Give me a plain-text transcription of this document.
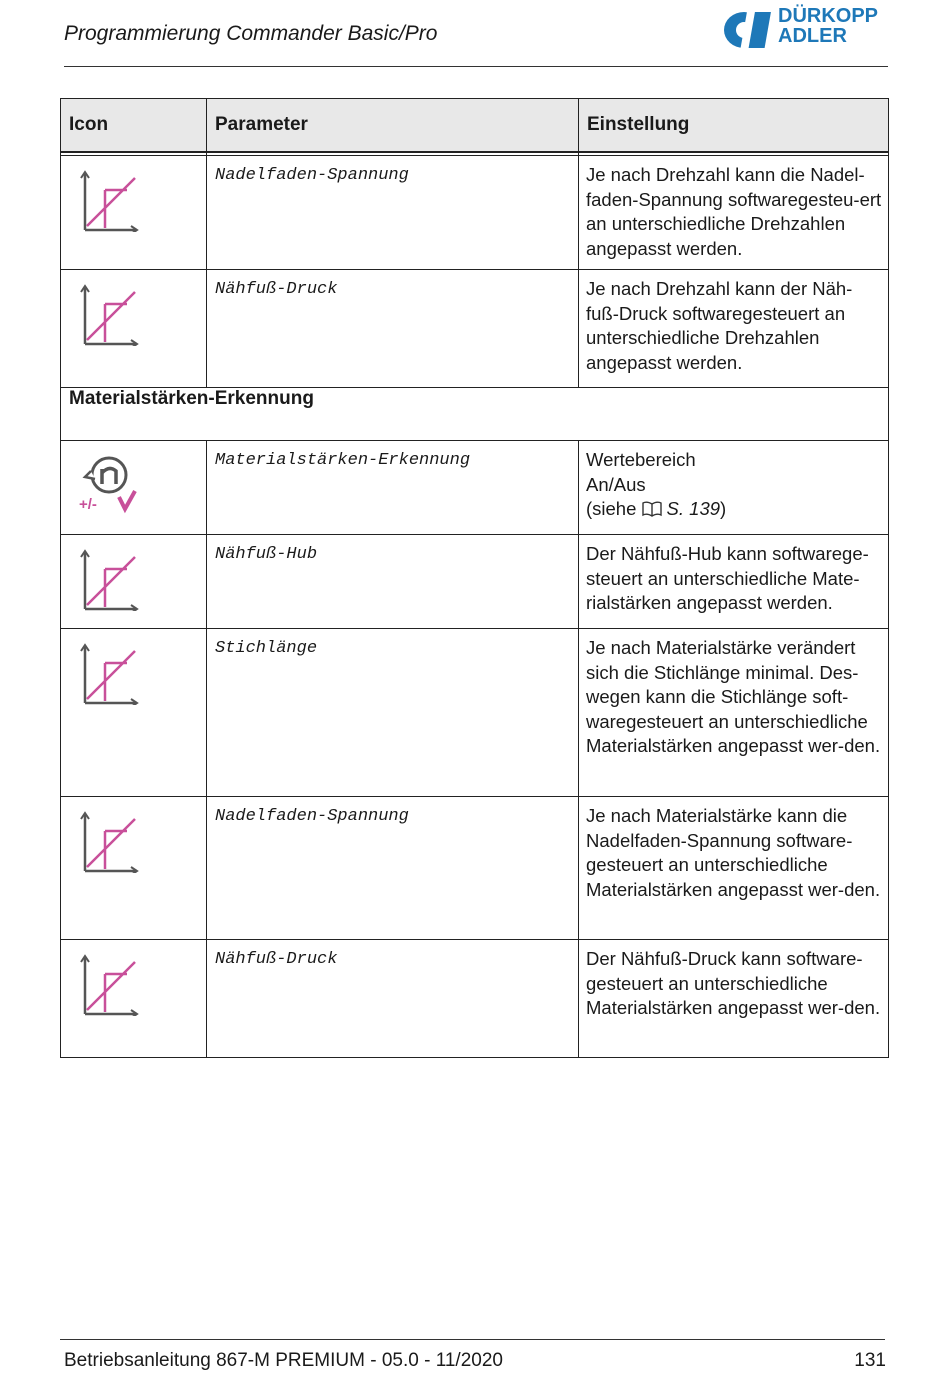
Programmierung Commander Basic/Pro
DÜRKOPP
ADLER
Icon	Parameter	Einstellung

	Nadelfaden-Spannung	Je nach Drehzahl kann die Nadel-faden-Spannung softwaregesteu-ert an unterschiedliche Drehzahlen angepasst werden.
	Nähfuß-Druck	Je nach Drehzahl kann der Näh-fuß-Druck softwaregesteuert an unterschiedliche Drehzahlen angepasst werden.
Materialstärken-Erkennung		

+/-	Materialstärken-Erkennung	Wertebereich
An/Aus
(siehe S. 139)

	Nähfuß-Hub	Der Nähfuß-Hub kann softwarege-steuert an unterschiedliche Mate-rialstärken angepasst werden.
	Stichlänge	Je nach Materialstärke verändert sich die Stichlänge minimal. Des-wegen kann die Stichlänge soft-waregesteuert an unterschiedliche Materialstärken angepasst wer-den.
	Nadelfaden-Spannung	Je nach Materialstärke kann die Nadelfaden-Spannung software-gesteuert an unterschiedliche Materialstärken angepasst wer-den.
	Nähfuß-Druck	Der Nähfuß-Druck kann software-gesteuert an unterschiedliche Materialstärken angepasst wer-den.
Betriebsanleitung 867-M PREMIUM - 05.0 - 11/2020	131
